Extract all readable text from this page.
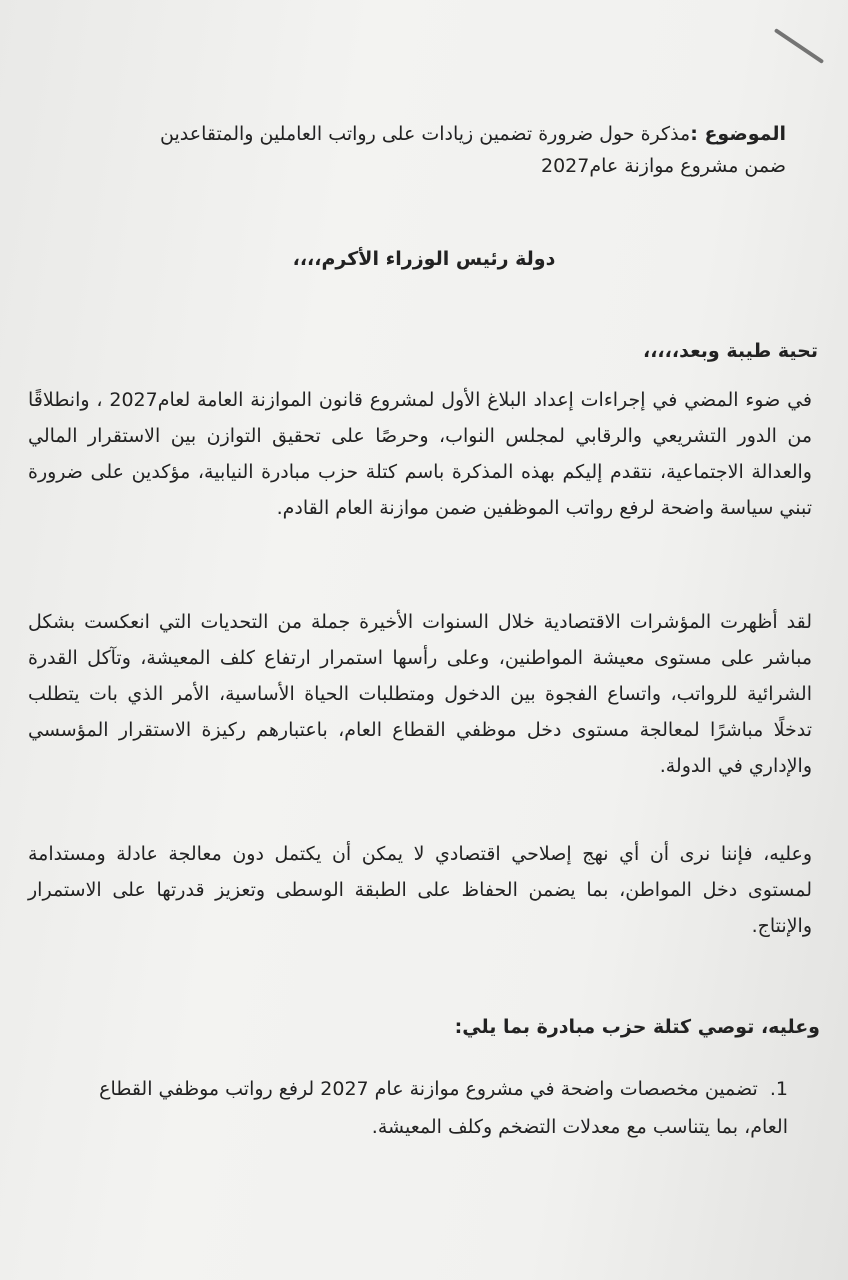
الموضوع :مذكرة حول ضرورة تضمين زيادات على رواتب العاملين والمتقاعدين
ضمن مشروع موازنة عام2027
دولة رئيس الوزراء الأكرم،،،،
تحية طيبة وبعد،،،،،
في ضوء المضي في إجراءات إعداد البلاغ الأول لمشروع قانون الموازنة العامة لعام2027 ، وانطلاقًا من الدور التشريعي والرقابي لمجلس النواب، وحرصًا على تحقيق التوازن بين الاستقرار المالي والعدالة الاجتماعية، نتقدم إليكم بهذه المذكرة باسم كتلة حزب مبادرة النيابية، مؤكدين على ضرورة تبني سياسة واضحة لرفع رواتب الموظفين ضمن موازنة العام القادم.
لقد أظهرت المؤشرات الاقتصادية خلال السنوات الأخيرة جملة من التحديات التي انعكست بشكل مباشر على مستوى معيشة المواطنين، وعلى رأسها استمرار ارتفاع كلف المعيشة، وتآكل القدرة الشرائية للرواتب، واتساع الفجوة بين الدخول ومتطلبات الحياة الأساسية، الأمر الذي بات يتطلب تدخلًا مباشرًا لمعالجة مستوى دخل موظفي القطاع العام، باعتبارهم ركيزة الاستقرار المؤسسي والإداري في الدولة.
وعليه، فإننا نرى أن أي نهج إصلاحي اقتصادي لا يمكن أن يكتمل دون معالجة عادلة ومستدامة لمستوى دخل المواطن، بما يضمن الحفاظ على الطبقة الوسطى وتعزيز قدرتها على الاستمرار والإنتاج.
وعليه، توصي كتلة حزب مبادرة بما يلي:
1. تضمين مخصصات واضحة في مشروع موازنة عام 2027 لرفع رواتب موظفي القطاع العام، بما يتناسب مع معدلات التضخم وكلف المعيشة.
